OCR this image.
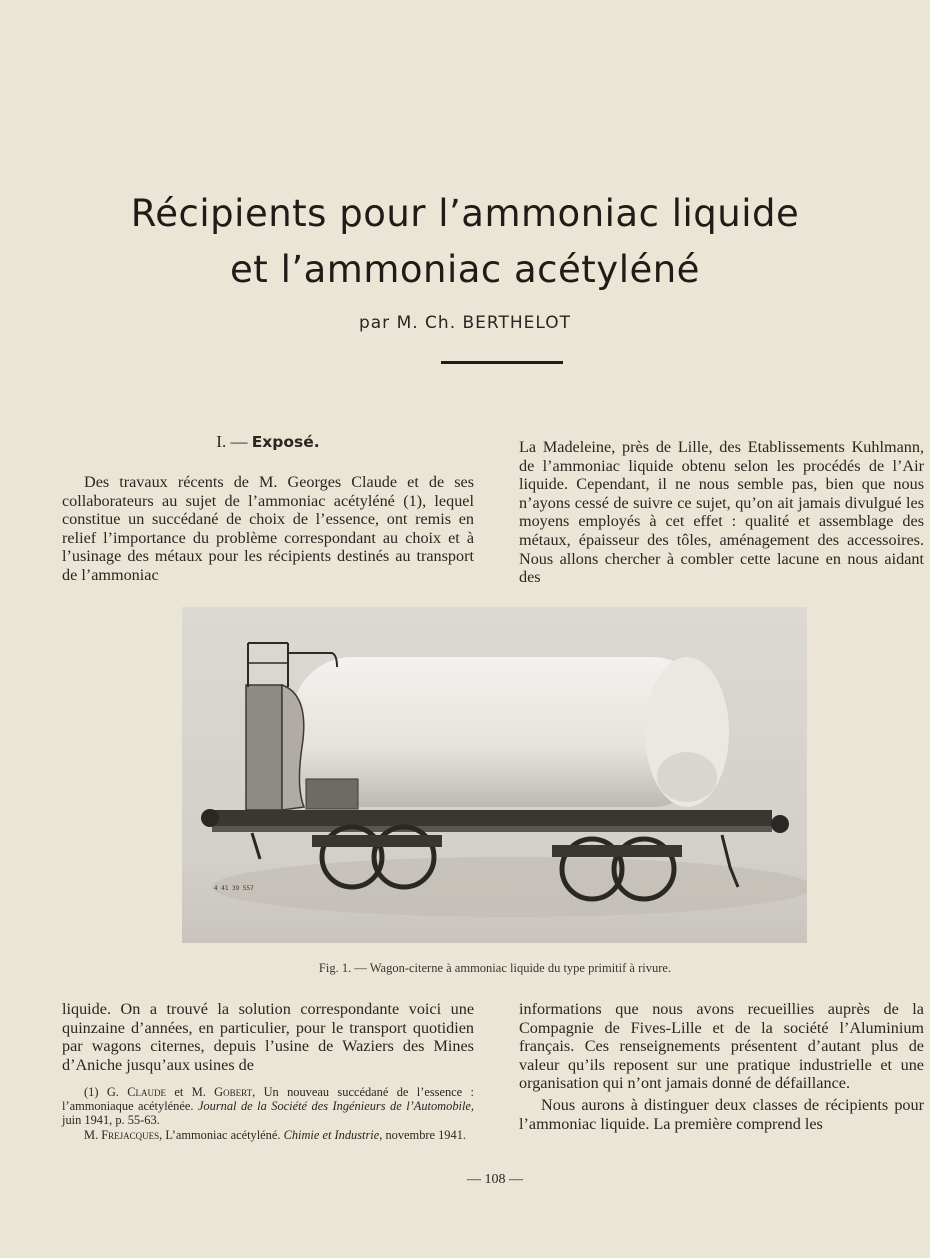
Récipients pour l’ammoniac liquide
et l’ammoniac acétyléné
par M. Ch. BERTHELOT
I. — Exposé.

Des travaux récents de M. Georges Claude et de ses collaborateurs au sujet de l’ammoniac acétyléné (1), lequel constitue un succédané de choix de l’essence, ont remis en relief l’importance du problème correspondant au choix et à l’usinage des métaux pour les récipients destinés au transport de l’ammoniac

La Madeleine, près de Lille, des Etablissements Kuhlmann, de l’ammoniac liquide obtenu selon les procédés de l’Air liquide. Cependant, il ne nous semble pas, bien que nous n’ayons cessé de suivre ce sujet, qu’on ait jamais divulgué les moyens employés à cet effet : qualité et assemblage des métaux, épaisseur des tôles, aménagement des accessoires. Nous allons chercher à combler cette lacune en nous aidant des

4 41 39 557
Fig. 1. — Wagon-citerne à ammoniac liquide du type primitif à rivure.

liquide. On a trouvé la solution correspondante voici une quinzaine d’années, en particulier, pour le transport quotidien par wagons citernes, depuis l’usine de Waziers des Mines d’Aniche jusqu’aux usines de

informations que nous avons recueillies auprès de la Compagnie de Fives-Lille et de la société l’Aluminium français. Ces renseignements présentent d’autant plus de valeur qu’ils reposent sur une pratique industrielle et une organisation qui n’ont jamais donné de défaillance.

Nous aurons à distinguer deux classes de récipients pour l’ammoniac liquide. La première comprend les

(1) G. Claude et M. Gobert, Un nouveau succédané de l’essence : l’ammoniaque acétylénée. Journal de la Société des Ingénieurs de l’Automobile, juin 1941, p. 55-63.

M. Frejacques, L’ammoniac acétyléné. Chimie et Industrie, novembre 1941.

— 108 —
